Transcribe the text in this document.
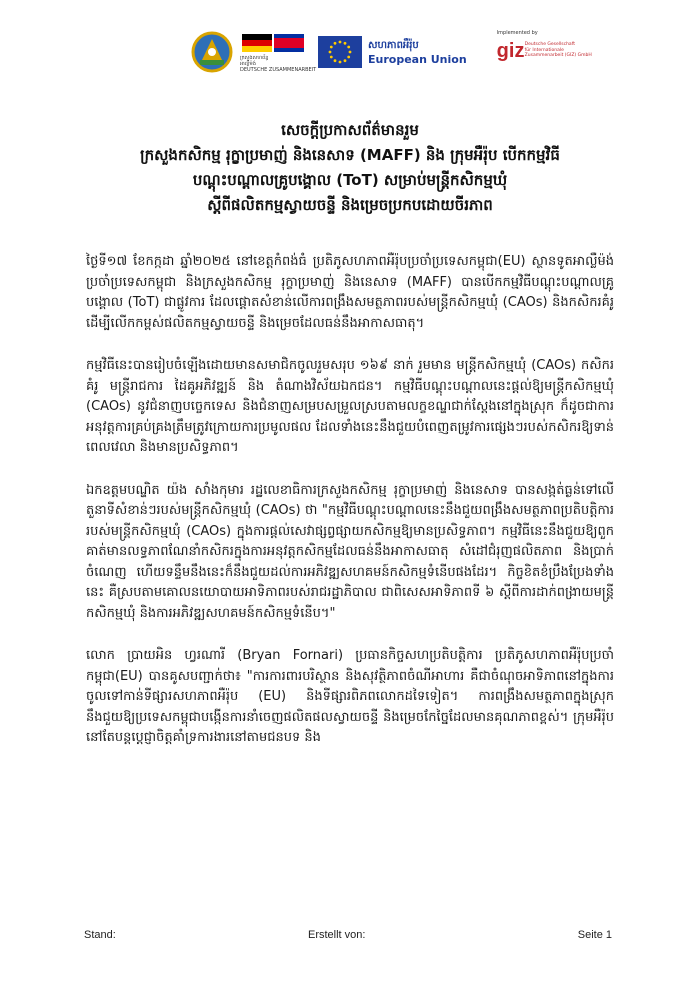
ក្រសួងសហព័ន្ធ
អាល្លឺម៉ង់
DEUTSCHE ZUSAMMENARBEIT
សហភាពអឺរ៉ុប
European Union
Implemented by
giz Deutsche Gesellschaft
für Internationale
Zusammenarbeit (GIZ) GmbH
សេចក្តីប្រកាសព័ត៌មានរួម
ក្រសួងកសិកម្ម រុក្ខាប្រមាញ់ និងនេសាទ (MAFF) និង ក្រុមអឺរ៉ុប បើកកម្មវិធី
បណ្តុះបណ្តាលគ្រូបង្គោល (ToT) សម្រាប់មន្ត្រីកសិកម្មឃុំ
ស្តីពីផលិតកម្មស្វាយចន្ទី និងម្រេចប្រកបដោយចីរភាព

ថ្ងៃទី១៧ ខែកក្កដា ឆ្នាំ២០២៥ នៅខេត្តកំពង់ធំ ប្រតិភូសហភាពអឺរ៉ុបប្រចាំប្រទេសកម្ពុជា(EU) ស្ថានទូតអាល្លឺម៉ង់ប្រចាំប្រទេសកម្ពុជា និងក្រសួងកសិកម្ម រុក្ខាប្រមាញ់ និងនេសាទ (MAFF) បានបើកកម្មវិធីបណ្តុះបណ្តាលគ្រូបង្គោល (ToT) ជាផ្លូវការ ដែលផ្តោតសំខាន់លើការពង្រឹងសមត្ថភាពរបស់មន្ត្រីកសិកម្មឃុំ (CAOs) និងកសិករគំរូដើម្បីលើកកម្ពស់ផលិតកម្មស្វាយចន្ទី និងម្រេចដែលធន់នឹងអាកាសធាតុ។

កម្មវិធីនេះបានរៀបចំឡើងដោយមានសមាជិកចូលរួមសរុប ១៦៩ នាក់ រួមមាន មន្ត្រីកសិកម្មឃុំ (CAOs) កសិករគំរូ មន្ត្រីរាជការ ដៃគូអភិវឌ្ឍន៍ និង តំណាងវិស័យឯកជន។ កម្មវិធីបណ្តុះបណ្តាលនេះផ្តល់ឱ្យមន្ត្រីកសិកម្មឃុំ (CAOs) នូវជំនាញបច្ចេកទេស និងជំនាញសម្របសម្រួលស្របតាមលក្ខខណ្ឌជាក់ស្តែងនៅក្នុងស្រុក ក៏ដូចជាការអនុវត្តការគ្រប់គ្រងត្រឹមត្រូវក្រោយការប្រមូលផល ដែលទាំងនេះនឹងជួយបំពេញតម្រូវការផ្សេងៗរបស់កសិករឱ្យទាន់ពេលវេលា និងមានប្រសិទ្ធភាព។

ឯកឧត្តមបណ្ឌិត យ៉ង សាំងកុមារ រដ្ឋលេខាធិការក្រសួងកសិកម្ម រុក្ខាប្រមាញ់ និងនេសាទ បានសង្កត់ធ្ងន់ទៅលើតួនាទីសំខាន់ៗរបស់មន្ត្រីកសិកម្មឃុំ (CAOs) ថា "កម្មវិធីបណ្តុះបណ្តាលនេះនឹងជួយពង្រឹងសមត្ថភាពប្រតិបត្តិការរបស់មន្ត្រីកសិកម្មឃុំ (CAOs) ក្នុងការផ្តល់សេវាផ្សព្វផ្សាយកសិកម្មឱ្យមានប្រសិទ្ធភាព។ កម្មវិធីនេះនឹងជួយឱ្យពួកគាត់មានលទ្ធភាពណែនាំកសិករក្នុងការអនុវត្តកសិកម្មដែលធន់នឹងអាកាសធាតុ សំដៅជំរុញផលិតភាព និងប្រាក់ចំណេញ ហើយទន្ទឹមនឹងនេះក៏នឹងជួយដល់ការអភិវឌ្ឍសហគមន៍កសិកម្មទំនើបផងដែរ។ កិច្ចខិតខំប្រឹងប្រែងទាំងនេះ គឺស្របតាមគោលនយោបាយអាទិភាពរបស់រាជរដ្ឋាភិបាល ជាពិសេសអាទិភាពទី ៦ ស្តីពីការដាក់ពង្រាយមន្ត្រីកសិកម្មឃុំ និងការអភិវឌ្ឍសហគមន៍កសិកម្មទំនើប។"

លោក ប្រាយអិន ហ្វរណារី (Bryan Fornari) ប្រធានកិច្ចសហប្រតិបត្តិការ ប្រតិភូសហភាពអឺរ៉ុបប្រចាំកម្ពុជា(EU) បានគូសបញ្ជាក់ថា៖ "ការការពារបរិស្ថាន និងសុវត្ថិភាពចំណីអាហារ គឺជាចំណុចអាទិភាពនៅក្នុងការចូលទៅកាន់ទីផ្សារសហភាពអឺរ៉ុប (EU) និងទីផ្សារពិភពលោកដទៃទៀត។ ការពង្រឹងសមត្ថភាពក្នុងស្រុកនឹងជួយឱ្យប្រទេសកម្ពុជាបង្កើនការនាំចេញផលិតផលស្វាយចន្ទី និងម្រេចកែច្នៃដែលមានគុណភាពខ្ពស់។ ក្រុមអឺរ៉ុបនៅតែបន្តប្តេជ្ញាចិត្តគាំទ្រការងារនៅតាមជនបទ និង

Stand:	Erstellt von:	Seite 1
